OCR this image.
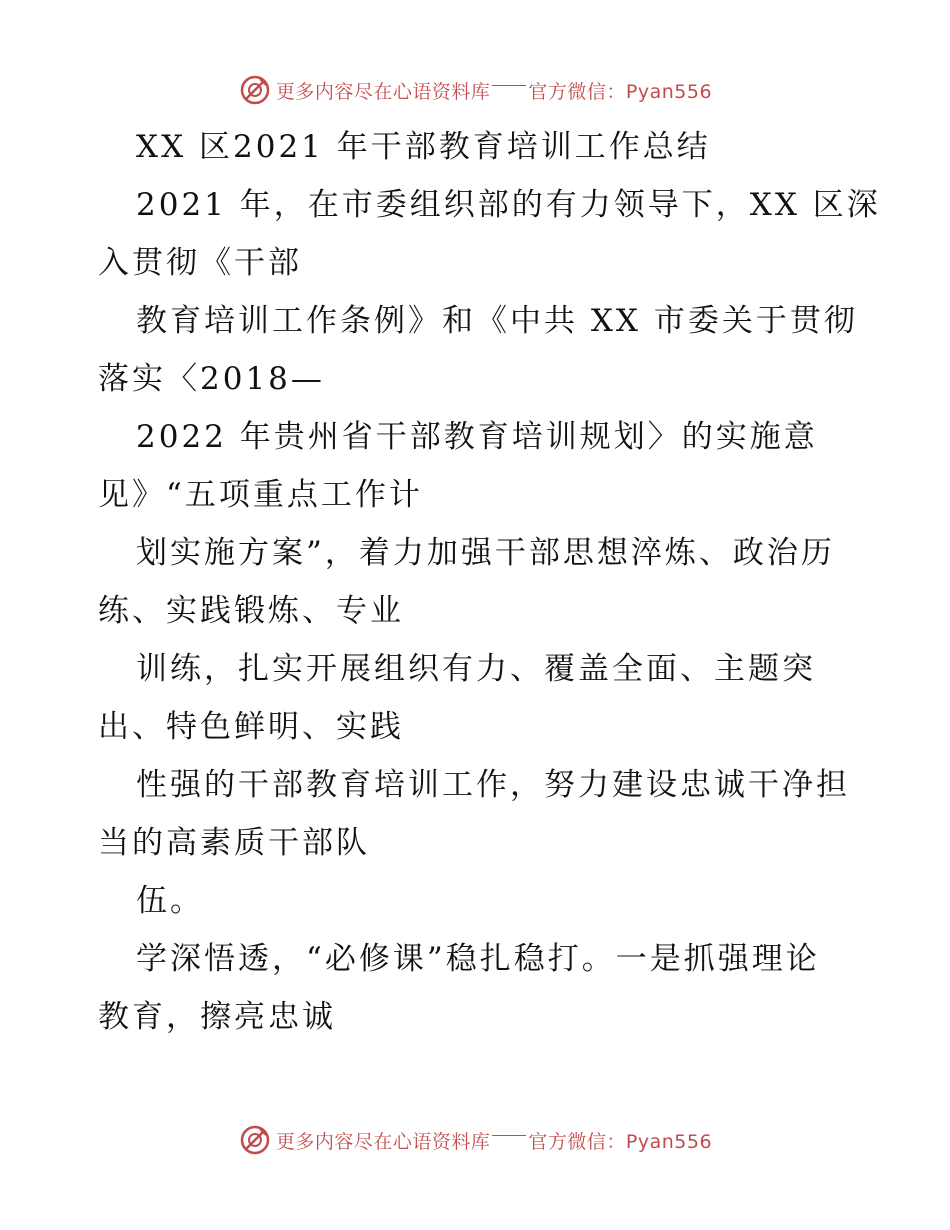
更多内容尽在心语资料库 官方微信：Pyan556
XX 区2021 年干部教育培训工作总结
2021 年，在市委组织部的有力领导下，XX 区深
入贯彻《干部
教育培训工作条例》和《中共 XX 市委关于贯彻
落实〈2018—
2022 年贵州省干部教育培训规划〉的实施意
见》“五项重点工作计
划实施方案”，着力加强干部思想淬炼、政治历
练、实践锻炼、专业
训练，扎实开展组织有力、覆盖全面、主题突
出、特色鲜明、实践
性强的干部教育培训工作，努力建设忠诚干净担
当的高素质干部队
伍。
学深悟透，“必修课”稳扎稳打。一是抓强理论
教育，擦亮忠诚
更多内容尽在心语资料库 官方微信：Pyan556
